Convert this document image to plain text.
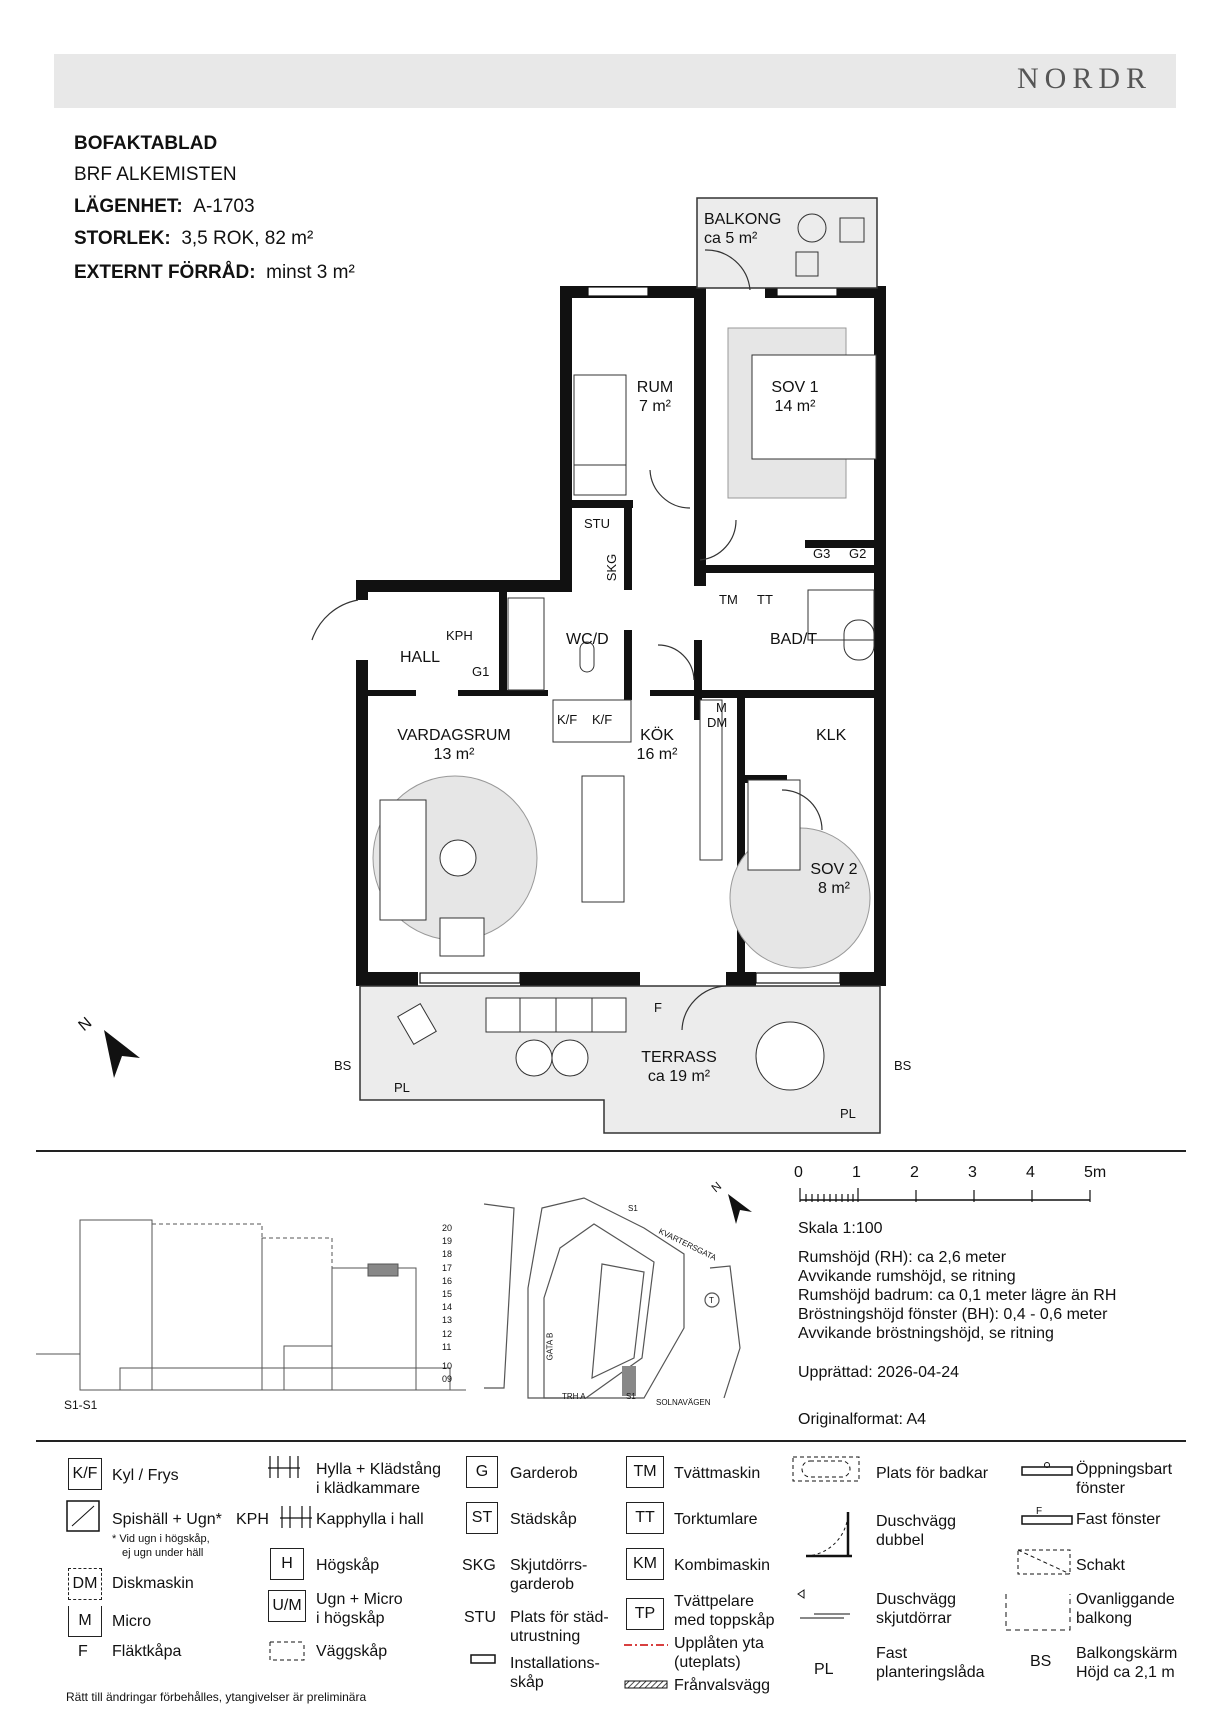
NORDR
BOFAKTABLAD
BRF ALKEMISTEN
LÄGENHET: A-1703
STORLEK: 3,5 ROK, 82 m²
EXTERNT FÖRRÅD: minst 3 m²
BALKONG
ca 5 m²
RUM
7 m²
SOV 1
14 m²
STU
SKG
G3 G2
TM TT
BAD/T
KPH
HALL
G1
WC/D
K/F K/F
M
DM
VARDAGSRUM
13 m²
KÖK
16 m²
KLK
SOV 2
8 m²
TERRASS
ca 19 m²
F
BS	BS
PL
PL
N
S1-S1
20
19
18
17
16
15
14
13
12
11
10
09
KVARTERSGATA
GATA B
TRH A
SOLNAVÄGEN
S1
S1
T
N
0	1	2	3	4	5m
Skala 1:100
Rumshöjd (RH): ca 2,6 meter
Avvikande rumshöjd, se ritning
Rumshöjd badrum: ca 0,1 meter lägre än RH
Bröstningshöjd fönster (BH): 0,4 - 0,6 meter
Avvikande bröstningshöjd, se ritning
Upprättad: 2026-04-24
Originalformat: A4
K/F Kyl / Frys
Spishäll + Ugn*
* Vid ugn i högskåp,
ej ugn under häll
DM Diskmaskin
M	Micro
F Fläktkåpa
Hylla + Klädstång
i klädkammare
KPH	Kapphylla i hall
H	Högskåp
U/M Ugn + Micro
i högskåp
Väggskåp
G	Garderob
ST	Städskåp
SKG Skjutdörrs-
garderob
STU Plats för städ-
utrustning
Installations-
skåp
TM	Tvättmaskin
TT	Torktumlare
KM	Kombimaskin
TP
Tvättpelare
med toppskåp
Upplåten yta
(uteplats)
Frånvalsvägg
Plats för badkar
Duschvägg
dubbel
Duschvägg
skjutdörrar
PL
Fast
planteringslåda
Öppningsbart
fönster
F Fast fönster
Schakt
Ovanliggande
balkong
BS Balkongskärm
Höjd ca 2,1 m
Rätt till ändringar förbehålles, ytangivelser är preliminära
